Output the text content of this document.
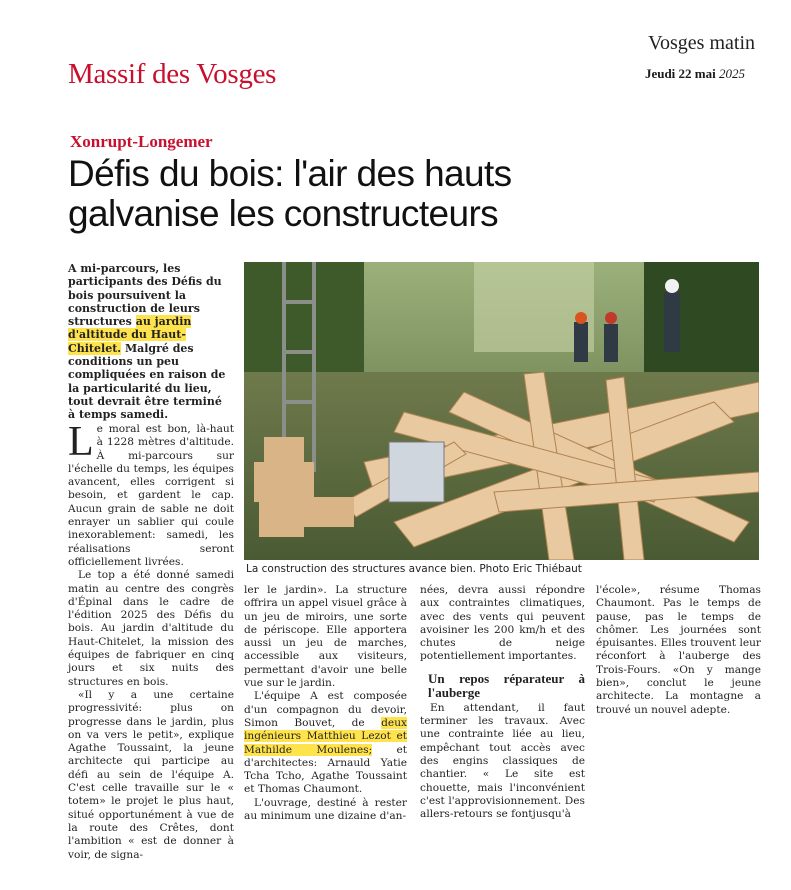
Vosges matin
Jeudi 22 mai 2025
Massif des Vosges
Xonrupt-Longemer
Défis du bois: l'air des hauts
galvanise les constructeurs
A mi-parcours, les participants des Défis du bois poursuivent la construction de leurs structures au jardin d'altitude du Haut-Chitelet. Malgré des conditions un peu compliquées en raison de la particularité du lieu, tout devrait être terminé à temps samedi.

Le moral est bon, là-haut à 1228 mètres d'altitude. À mi-parcours sur l'échelle du temps, les équipes avancent, elles corrigent si besoin, et gardent le cap. Aucun grain de sable ne doit enrayer un sablier qui coule inexorablement: samedi, les réalisations seront officiellement livrées.

Le top a été donné samedi matin au centre des congrès d'Épinal dans le cadre de l'édition 2025 des Défis du bois. Au jardin d'altitude du Haut-Chitelet, la mission des équipes de fabriquer en cinq jours et six nuits des structures en bois.

«Il y a une certaine progressivité: plus on progresse dans le jardin, plus on va vers le petit», explique Agathe Toussaint, la jeune architecte qui participe au défi au sein de l'équipe A. C'est celle travaille sur le « totem» le projet le plus haut, situé opportunément à vue de la route des Crêtes, dont l'ambition « est de donner à voir, de signa-

La construction des structures avance bien. Photo Eric Thiébaut

ler le jardin». La structure offrira un appel visuel grâce à un jeu de miroirs, une sorte de périscope. Elle apportera aussi un jeu de marches, accessible aux visiteurs, permettant d'avoir une belle vue sur le jardin.

L'équipe A est composée d'un compagnon du devoir, Simon Bouvet, de deux ingénieurs Matthieu Lezot et Mathilde Moulenes; et d'architectes: Arnauld Yatie Tcha Tcho, Agathe Toussaint et Thomas Chaumont.

L'ouvrage, destiné à rester au minimum une dizaine d'an-

nées, devra aussi répondre aux contraintes climatiques, avec des vents qui peuvent avoisiner les 200 km/h et des chutes de neige potentiellement importantes.

Un repos réparateur à l'auberge

En attendant, il faut terminer les travaux. Avec une contrainte liée au lieu, empêchant tout accès avec des engins classiques de chantier. « Le site est chouette, mais l'inconvénient c'est l'approvisionnement. Des allers-retours se fontjusqu'à

l'école», résume Thomas Chaumont. Pas le temps de pause, pas le temps de chômer. Les journées sont épuisantes. Elles trouvent leur réconfort à l'auberge des Trois-Fours. «On y mange bien», conclut le jeune architecte. La montagne a trouvé un nouvel adepte.
